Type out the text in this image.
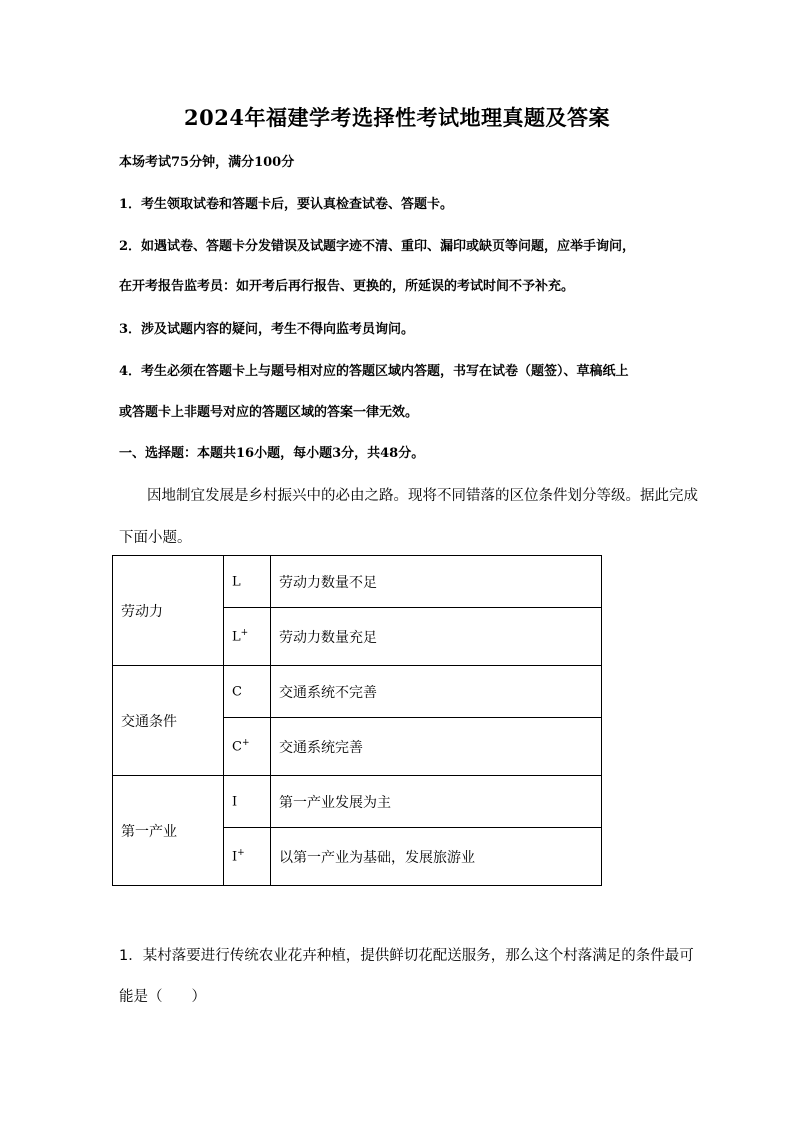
2024年福建学考选择性考试地理真题及答案
本场考试75分钟，满分100分
1．考生领取试卷和答题卡后，要认真检查试卷、答题卡。
2．如遇试卷、答题卡分发错误及试题字迹不清、重印、漏印或缺页等问题，应举手询问，
在开考报告监考员：如开考后再行报告、更换的，所延误的考试时间不予补充。
3．涉及试题内容的疑问，考生不得向监考员询问。
4．考生必须在答题卡上与题号相对应的答题区域内答题，书写在试卷（题签）、草稿纸上
或答题卡上非题号对应的答题区域的答案一律无效。
一、选择题：本题共16小题，每小题3分，共48分。
因地制宜发展是乡村振兴中的必由之路。现将不同错落的区位条件划分等级。据此完成
下面小题。
劳动力	L	劳动力数量不足
	L+	劳动力数量充足
交通条件	C	交通系统不完善
	C+	交通系统完善
第一产业	I	第一产业发展为主
	I+	以第一产业为基础，发展旅游业
1．某村落要进行传统农业花卉种植，提供鲜切花配送服务，那么这个村落满足的条件最可
能是（　　）
